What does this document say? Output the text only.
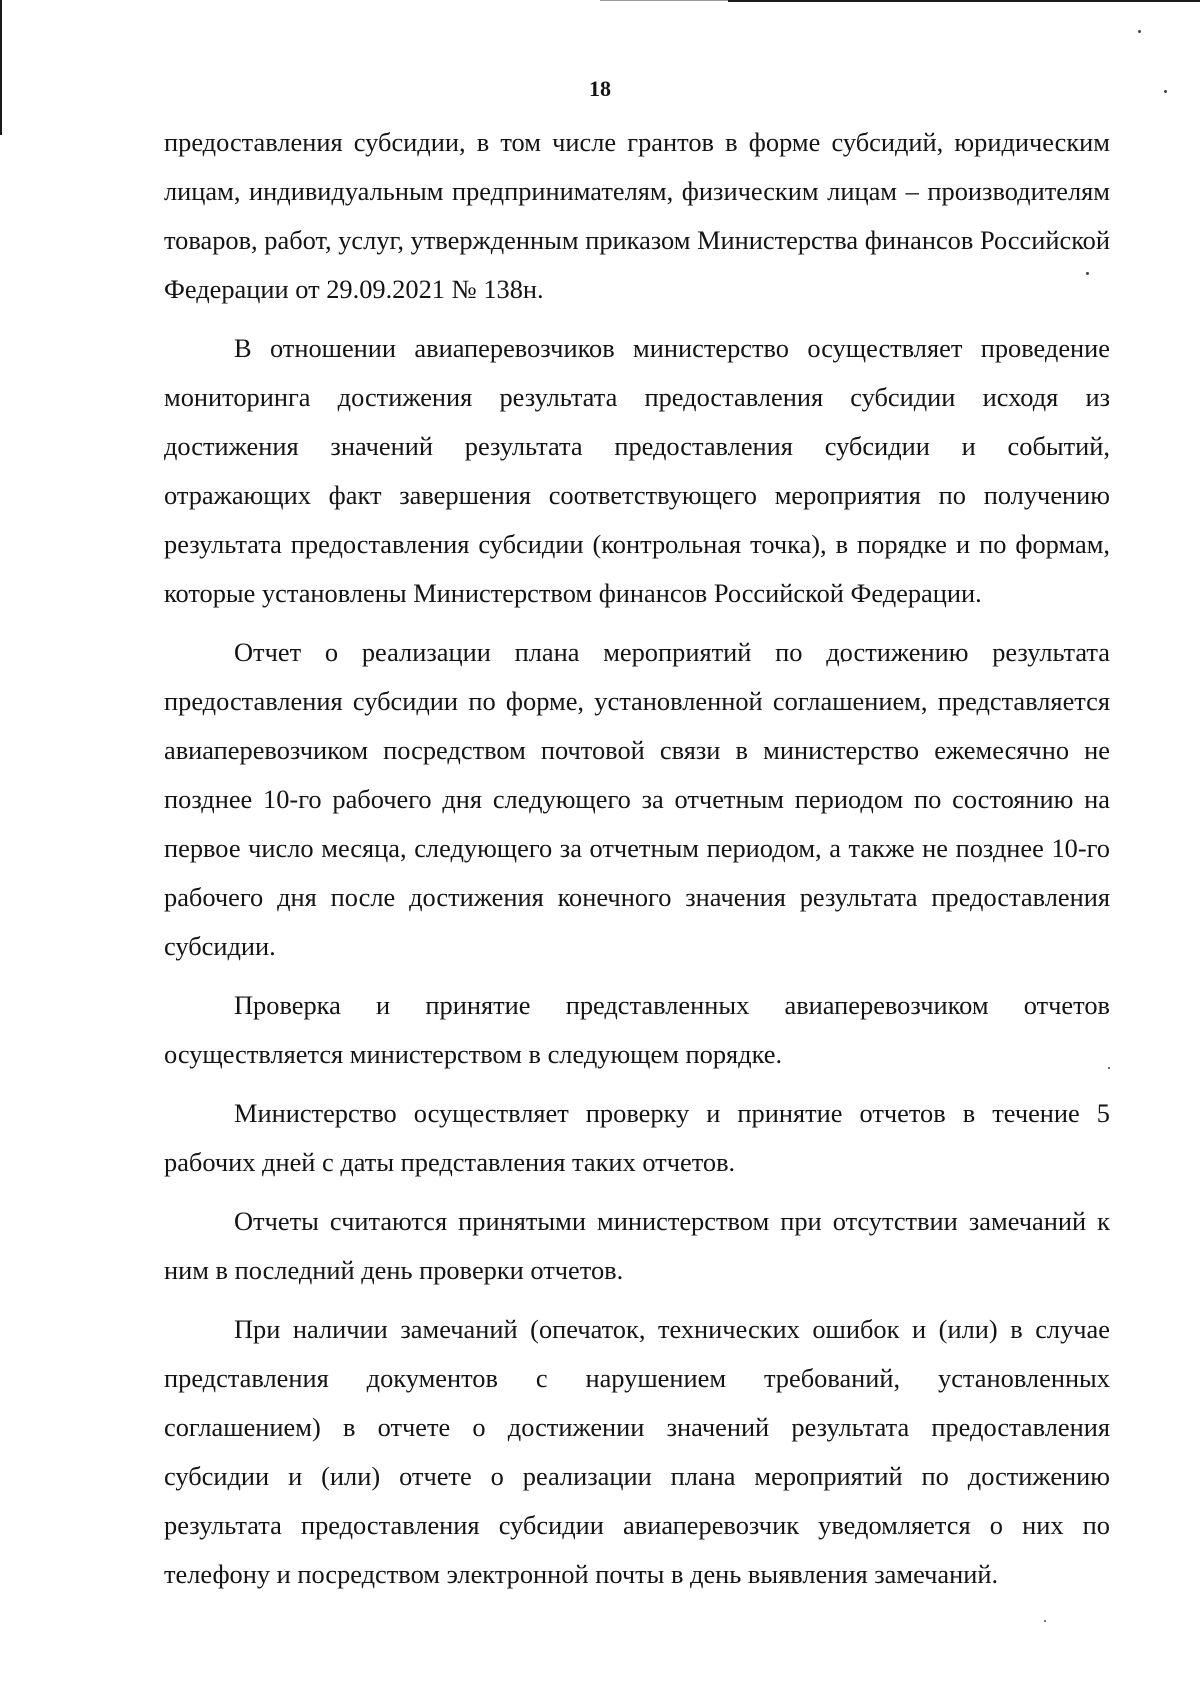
18

предоставления субсидии, в том числе грантов в форме субсидий, юридическим лицам, индивидуальным предпринимателям, физическим лицам – производителям товаров, работ, услуг, утвержденным приказом Министерства финансов Российской Федерации от 29.09.2021 № 138н.

В отношении авиаперевозчиков министерство осуществляет проведение мониторинга достижения результата предоставления субсидии исходя из достижения значений результата предоставления субсидии и событий, отражающих факт завершения соответствующего мероприятия по получению результата предоставления субсидии (контрольная точка), в порядке и по формам, которые установлены Министерством финансов Российской Федерации.

Отчет о реализации плана мероприятий по достижению результата предоставления субсидии по форме, установленной соглашением, представляется авиаперевозчиком посредством почтовой связи в министерство ежемесячно не позднее 10-го рабочего дня следующего за отчетным периодом по состоянию на первое число месяца, следующего за отчетным периодом, а также не позднее 10-го рабочего дня после достижения конечного значения результата предоставления субсидии.

Проверка и принятие представленных авиаперевозчиком отчетов осуществляется министерством в следующем порядке.

Министерство осуществляет проверку и принятие отчетов в течение 5 рабочих дней с даты представления таких отчетов.

Отчеты считаются принятыми министерством при отсутствии замечаний к ним в последний день проверки отчетов.

При наличии замечаний (опечаток, технических ошибок и (или) в случае представления документов с нарушением требований, установленных соглашением) в отчете о достижении значений результата предоставления субсидии и (или) отчете о реализации плана мероприятий по достижению результата предоставления субсидии авиаперевозчик уведомляется о них по телефону и посредством электронной почты в день выявления замечаний.
